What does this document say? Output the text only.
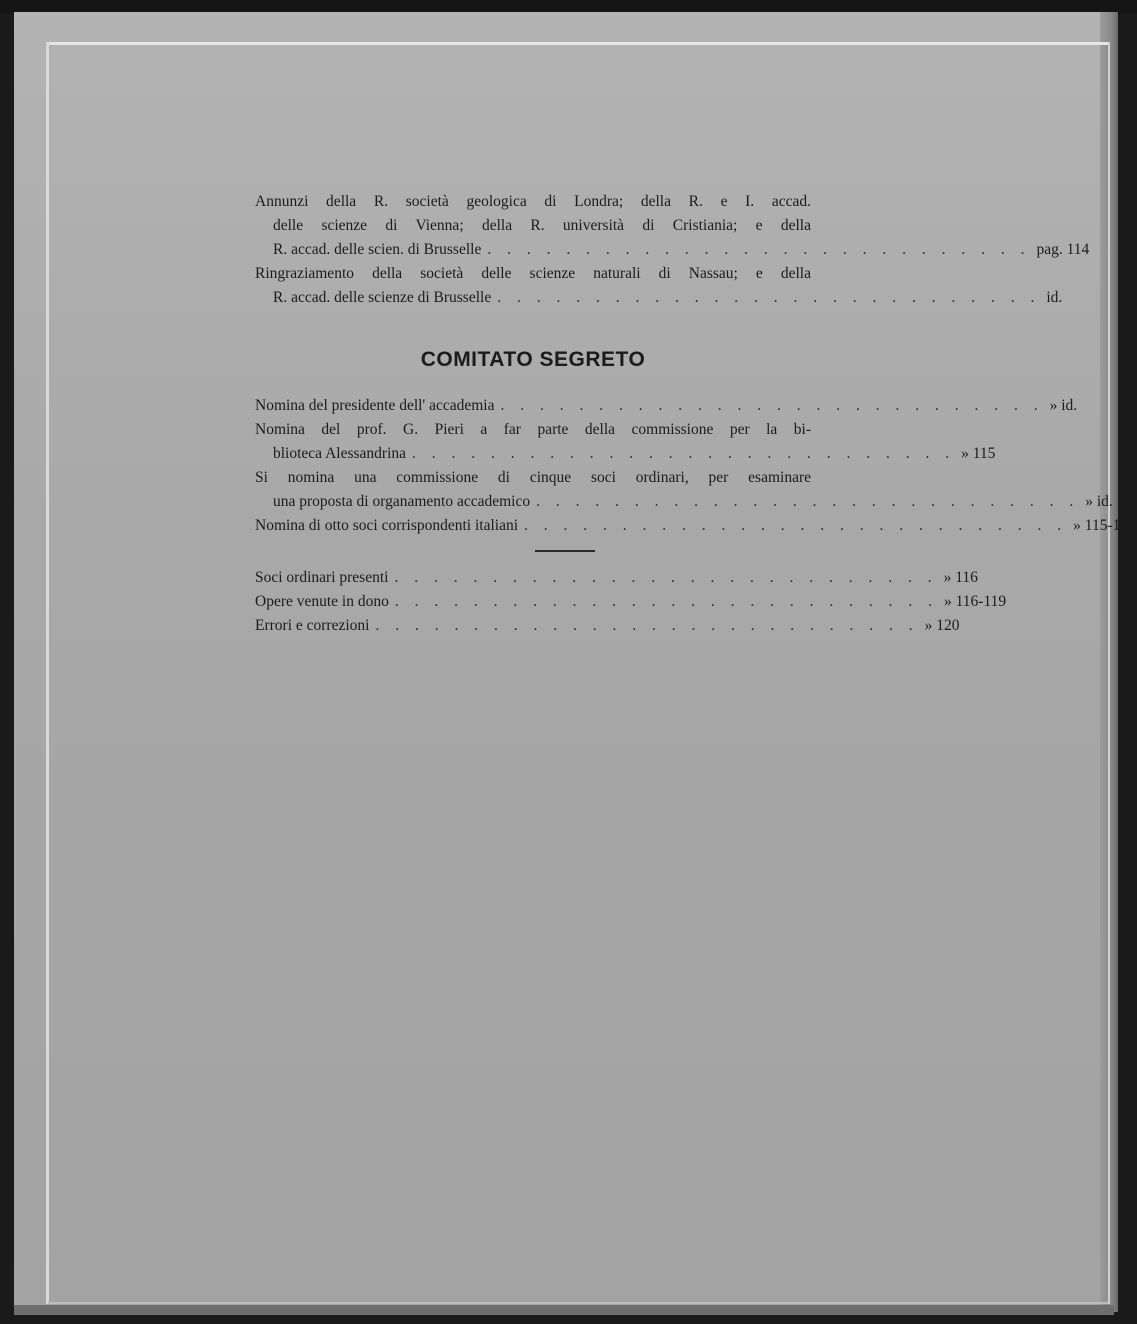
Annunzi della R. società geologica di Londra; della R. e I. accad.
delle scienze di Vienna; della R. università di Cristiania; e della
R. accad. delle scien. di Brusselle . . . . . . . . . . . . . . . . . . . . . . . . . . . . pag. 114
Ringraziamento della società delle scienze naturali di Nassau; e della
R. accad. delle scienze di Brusselle . . . . . . . . . . . . . . . . . . . . . . . . . . . . id.
COMITATO SEGRETO
Nomina del presidente dell' accademia . . . . . . . . . . . . . . . . . . . . . . . . . . . . » id.
Nomina del prof. G. Pieri a far parte della commissione per la bi-
blioteca Alessandrina . . . . . . . . . . . . . . . . . . . . . . . . . . . . » 115
Si nomina una commissione di cinque soci ordinari, per esaminare
una proposta di organamento accademico . . . . . . . . . . . . . . . . . . . . . . . . . . . . » id.
Nomina di otto soci corrispondenti italiani . . . . . . . . . . . . . . . . . . . . . . . . . . . . » 115-116
Soci ordinari presenti . . . . . . . . . . . . . . . . . . . . . . . . . . . . » 116
Opere venute in dono . . . . . . . . . . . . . . . . . . . . . . . . . . . . » 116-119
Errori e correzioni . . . . . . . . . . . . . . . . . . . . . . . . . . . . » 120
